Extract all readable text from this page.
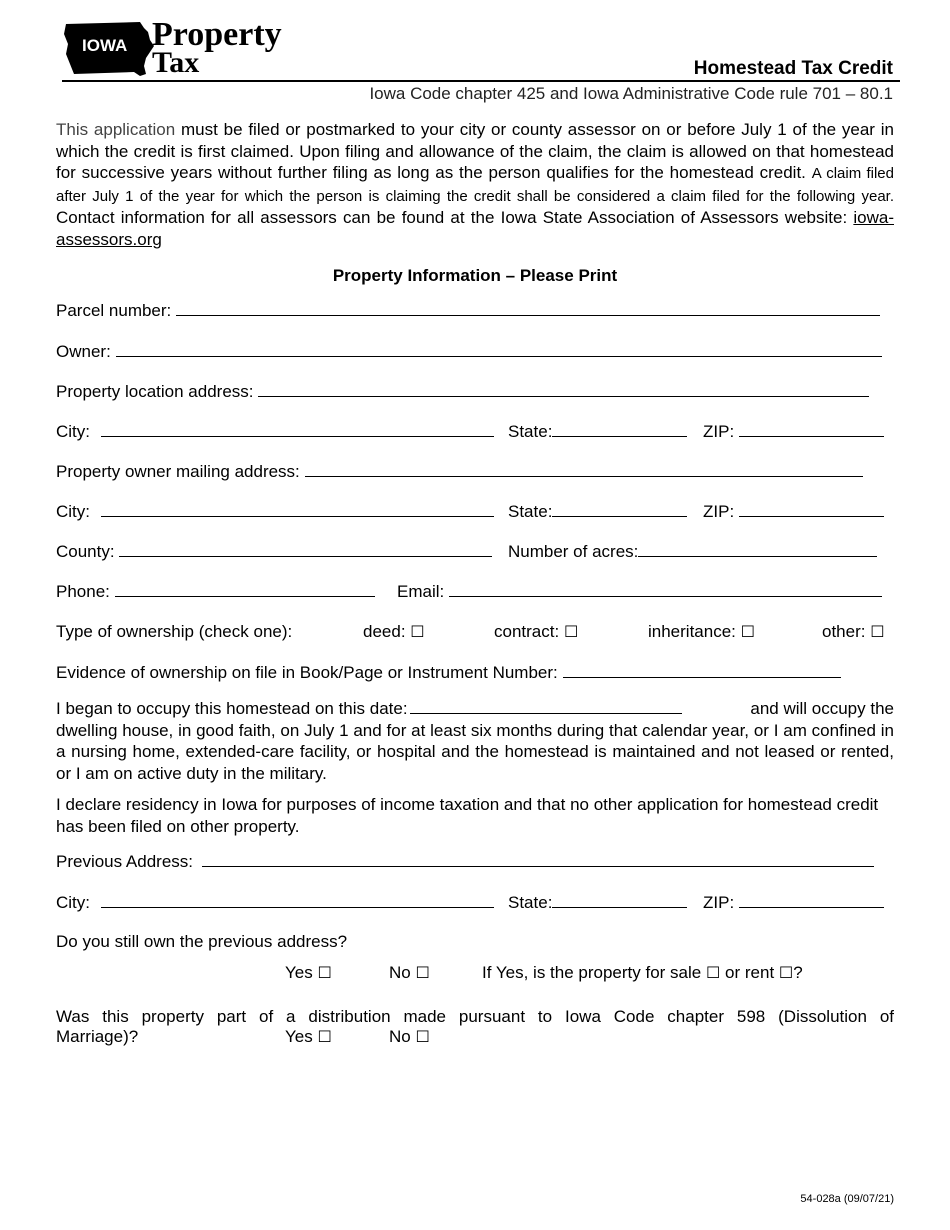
IOWA Property
Tax	Homestead Tax Credit
Iowa Code chapter 425 and Iowa Administrative Code rule 701 – 80.1
This application must be filed or postmarked to your city or county assessor on or before July 1 of the year in which the credit is first claimed. Upon filing and allowance of the claim, the claim is allowed on that homestead for successive years without further filing as long as the person qualifies for the homestead credit. A claim filed after July 1 of the year for which the person is claiming the credit shall be considered a claim filed for the following year. Contact information for all assessors can be found at the Iowa State Association of Assessors website: iowa-assessors.org
Property Information – Please Print
Parcel number:
Owner:
Property location address:
City:	State:	ZIP:
Property owner mailing address:
City:	State:	ZIP:
County:	Number of acres:
Phone:	Email:
Type of ownership (check one):	deed: ☐	contract: ☐	inheritance: ☐	other: ☐
Evidence of ownership on file in Book/Page or Instrument Number:
I began to occupy this homestead on this date:	and will occupy the
dwelling house, in good faith, on July 1 and for at least six months during that calendar year, or I am confined in a nursing home, extended-care facility, or hospital and the homestead is maintained and not leased or rented, or I am on active duty in the military.
I declare residency in Iowa for purposes of income taxation and that no other application for homestead credit has been filed on other property.
Previous Address:
City:	State:	ZIP:
Do you still own the previous address?
Yes ☐	No ☐	If Yes, is the property for sale ☐ or rent ☐?
Was this property part of a distribution made pursuant to Iowa Code chapter 598 (Dissolution of
Marriage)?	Yes ☐	No ☐
54-028a (09/07/21)
